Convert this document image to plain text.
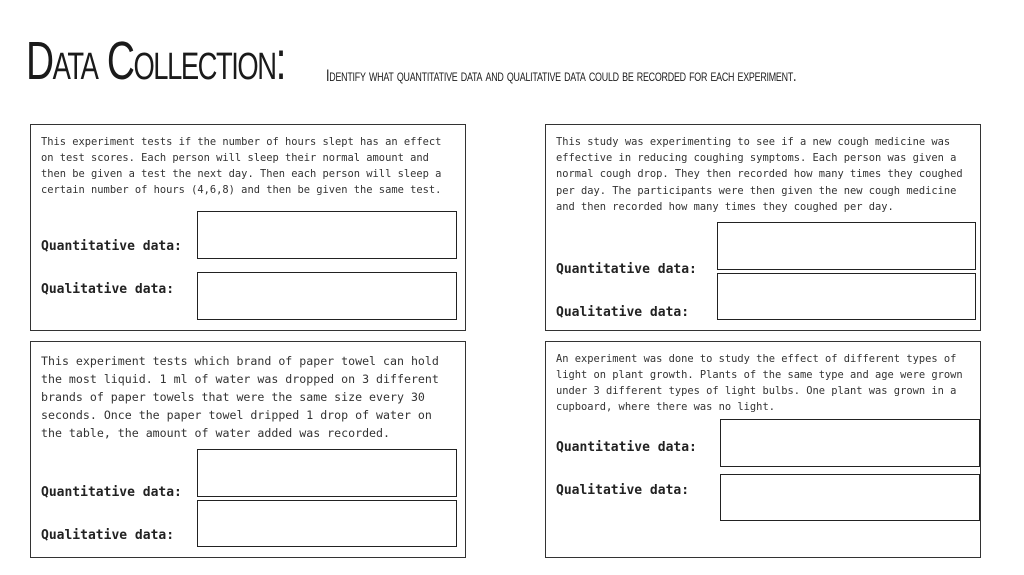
Data Collection: Identify what quantitative data and qualitative data could be recorded for each experiment.

This experiment tests if the number of hours slept has an effect on test scores. Each person will sleep their normal amount and then be given a test the next day. Then each person will sleep a certain number of hours (4,6,8) and then be given the same test.

Quantitative data:
Qualitative data:

This study was experimenting to see if a new cough medicine was effective in reducing coughing symptoms. Each person was given a normal cough drop. They then recorded how many times they coughed per day. The participants were then given the new cough medicine and then recorded how many times they coughed per day.

Quantitative data:
Qualitative data:

This experiment tests which brand of paper towel can hold the most liquid. 1 ml of water was dropped on 3 different brands of paper towels that were the same size every 30 seconds. Once the paper towel dripped 1 drop of water on the table, the amount of water added was recorded.

Quantitative data:
Qualitative data:

An experiment was done to study the effect of different types of light on plant growth. Plants of the same type and age were grown under 3 different types of light bulbs. One plant was grown in a cupboard, where there was no light.

Quantitative data:
Qualitative data:
